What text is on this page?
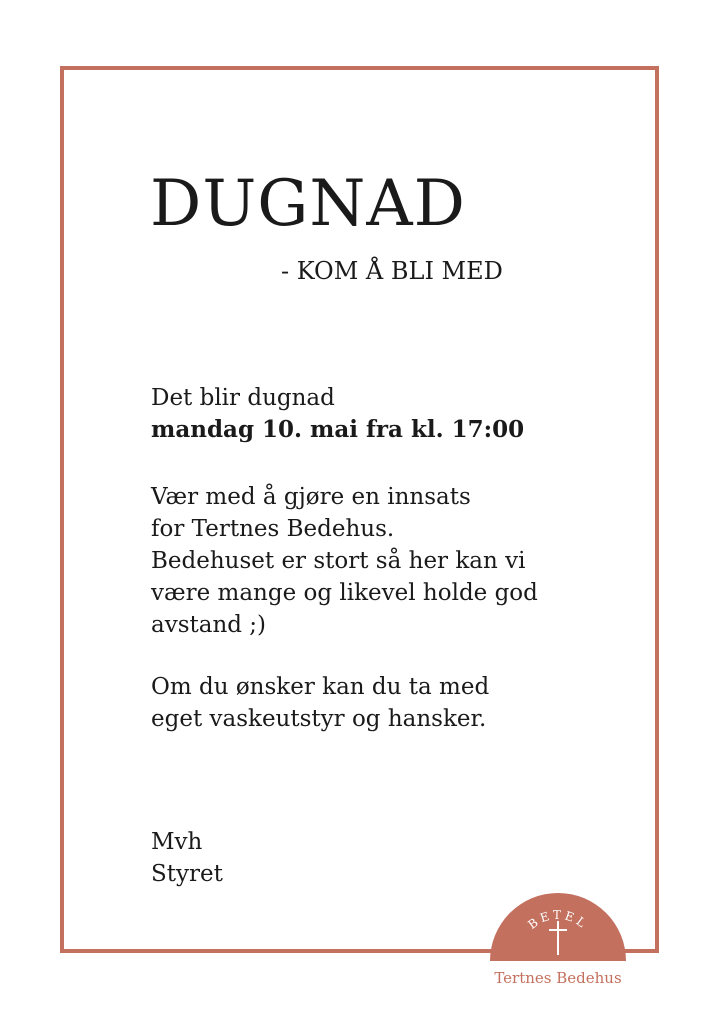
DUGNAD
- KOM Å BLI MED
Det blir dugnad
mandag 10. mai fra kl. 17:00
Vær med å gjøre en innsats
for Tertnes Bedehus.
Bedehuset er stort så her kan vi
være mange og likevel holde god
avstand ;)
Om du ønsker kan du ta med
eget vaskeutstyr og hansker.
Mvh
Styret
BETEL
Tertnes Bedehus
